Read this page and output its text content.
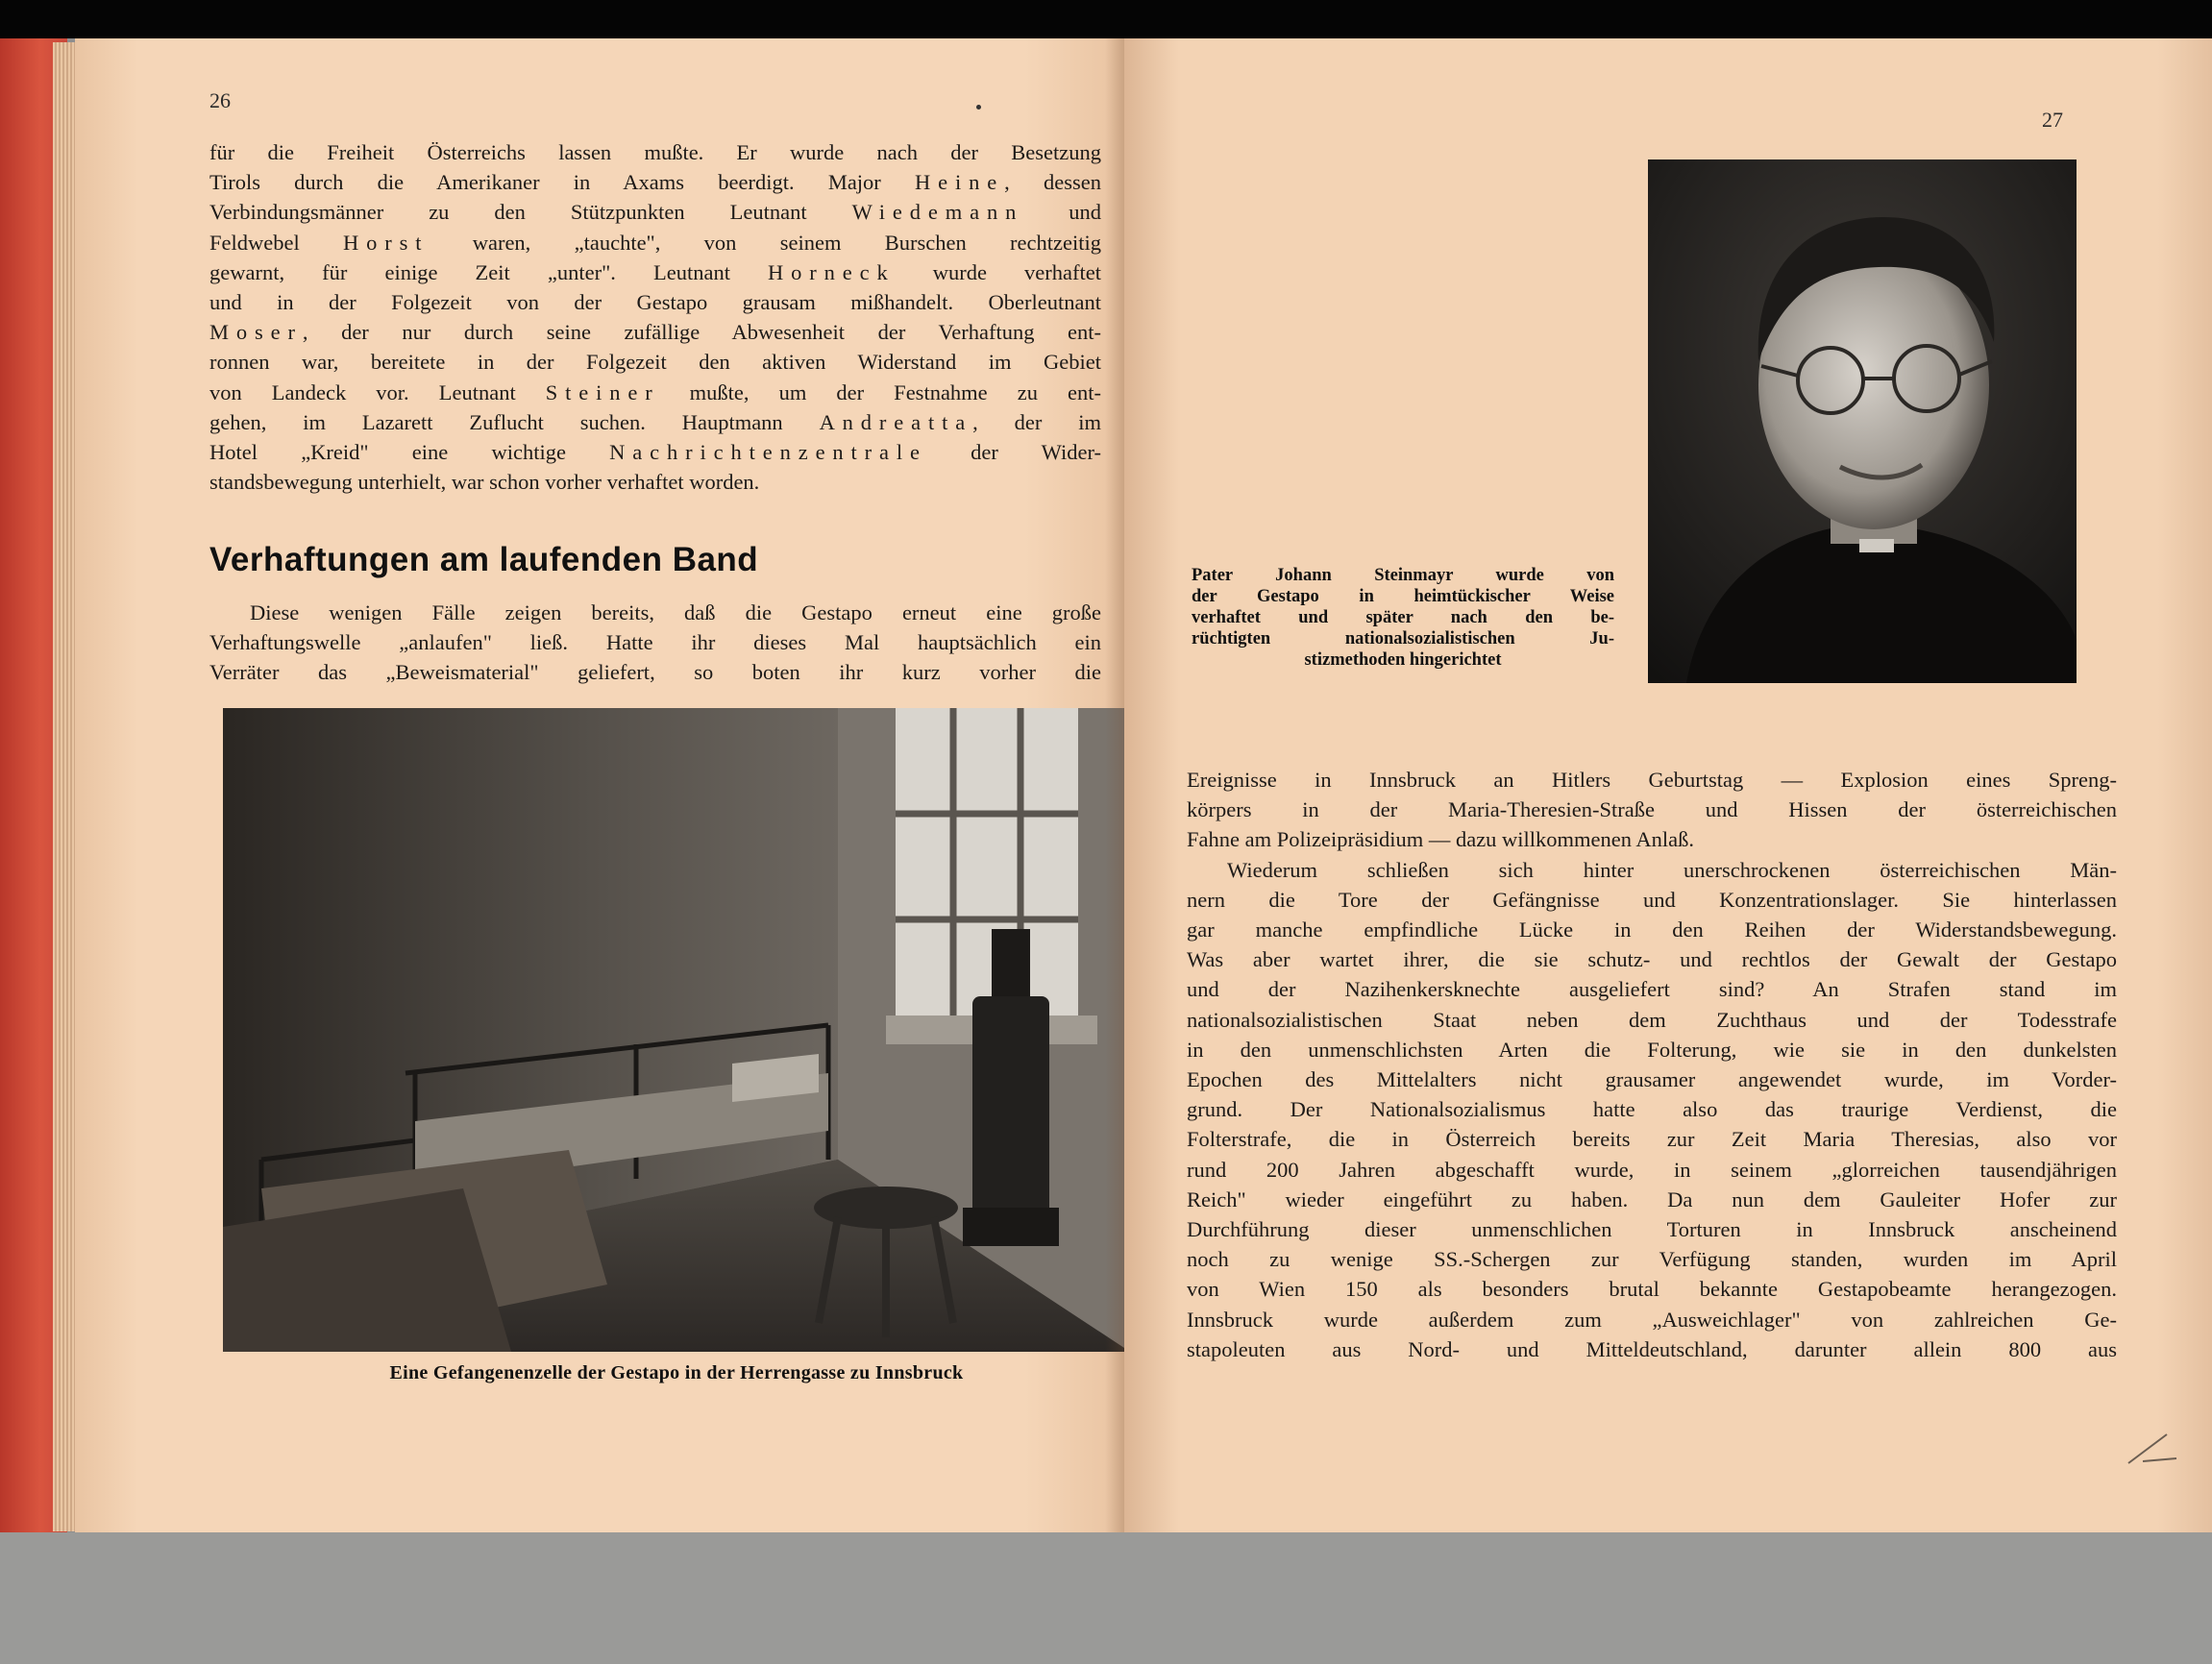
26

für die Freiheit Österreichs lassen mußte. Er wurde nach der Besetzung

Tirols durch die Amerikaner in Axams beerdigt. Major Heine, dessen

Verbindungsmänner zu den Stützpunkten Leutnant Wiedemann und

Feldwebel Horst waren, „tauchte", von seinem Burschen rechtzeitig

gewarnt, für einige Zeit „unter". Leutnant Horneck wurde verhaftet

und in der Folgezeit von der Gestapo grausam mißhandelt. Oberleutnant

Moser, der nur durch seine zufällige Abwesenheit der Verhaftung ent-

ronnen war, bereitete in der Folgezeit den aktiven Widerstand im Gebiet

von Landeck vor. Leutnant Steiner mußte, um der Festnahme zu ent-

gehen, im Lazarett Zuflucht suchen. Hauptmann Andreatta, der im

Hotel „Kreid" eine wichtige Nachrichtenzentrale der Wider-

standsbewegung unterhielt, war schon vorher verhaftet worden.

Verhaftungen am laufenden Band

Diese wenigen Fälle zeigen bereits, daß die Gestapo erneut eine große

Verhaftungswelle „anlaufen" ließ. Hatte ihr dieses Mal hauptsächlich ein

Verräter das „Beweismaterial" geliefert, so boten ihr kurz vorher die

Eine Gefangenenzelle der Gestapo in der Herrengasse zu Innsbruck
27
Pater Johann Steinmayr wurde von
der Gestapo in heimtückischer Weise
verhaftet und später nach den be-
rüchtigten nationalsozialistischen Ju-
stizmethoden hingerichtet

Ereignisse in Innsbruck an Hitlers Geburtstag — Explosion eines Spreng-

körpers in der Maria-Theresien-Straße und Hissen der österreichischen

Fahne am Polizeipräsidium — dazu willkommenen Anlaß.

Wiederum schließen sich hinter unerschrockenen österreichischen Män-

nern die Tore der Gefängnisse und Konzentrationslager. Sie hinterlassen

gar manche empfindliche Lücke in den Reihen der Widerstandsbewegung.

Was aber wartet ihrer, die sie schutz- und rechtlos der Gewalt der Gestapo

und der Nazihenkersknechte ausgeliefert sind? An Strafen stand im

nationalsozialistischen Staat neben dem Zuchthaus und der Todesstrafe

in den unmenschlichsten Arten die Folterung, wie sie in den dunkelsten

Epochen des Mittelalters nicht grausamer angewendet wurde, im Vorder-

grund. Der Nationalsozialismus hatte also das traurige Verdienst, die

Folterstrafe, die in Österreich bereits zur Zeit Maria Theresias, also vor

rund 200 Jahren abgeschafft wurde, in seinem „glorreichen tausendjährigen

Reich" wieder eingeführt zu haben. Da nun dem Gauleiter Hofer zur

Durchführung dieser unmenschlichen Torturen in Innsbruck anscheinend

noch zu wenige SS.-Schergen zur Verfügung standen, wurden im April

von Wien 150 als besonders brutal bekannte Gestapobeamte herangezogen.

Innsbruck wurde außerdem zum „Ausweichlager" von zahlreichen Ge-

stapoleuten aus Nord- und Mitteldeutschland, darunter allein 800 aus
